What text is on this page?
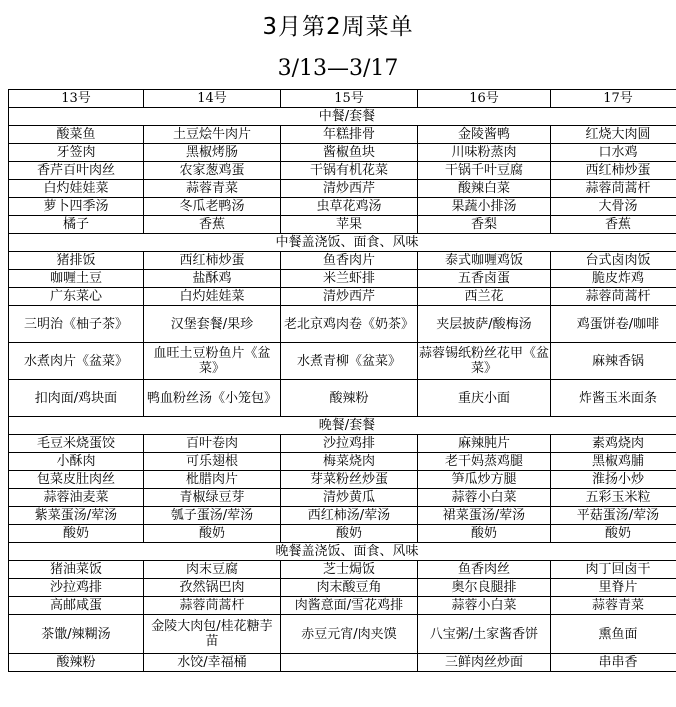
3月第2周菜单
3/13—3/17
13号	14号	15号	16号	17号
中餐/套餐				
酸菜鱼	土豆烩牛肉片	年糕排骨	金陵酱鸭	红烧大肉圆
牙签肉	黑椒烤肠	酱椒鱼块	川味粉蒸肉	口水鸡
香芹百叶肉丝	农家葱鸡蛋	干锅有机花菜	干锅千叶豆腐	西红柿炒蛋
白灼娃娃菜	蒜蓉青菜	清炒西芹	酸辣白菜	蒜蓉茼蒿杆
萝卜四季汤	冬瓜老鸭汤	虫草花鸡汤	果蔬小排汤	大骨汤
橘子	香蕉	苹果	香梨	香蕉
中餐盖浇饭、面食、风味				
猪排饭	西红柿炒蛋	鱼香肉片	泰式咖喱鸡饭	台式卤肉饭
咖喱土豆	盐酥鸡	米兰虾排	五香卤蛋	脆皮炸鸡
广东菜心	白灼娃娃菜	清炒西芹	西兰花	蒜蓉茼蒿杆
三明治《柚子茶》	汉堡套餐/果珍	老北京鸡肉卷《奶茶》	夹层披萨/酸梅汤	鸡蛋饼卷/咖啡
水煮肉片《盆菜》	血旺土豆粉鱼片《盆菜》	水煮青柳《盆菜》	蒜蓉锡纸粉丝花甲《盆菜》	麻辣香锅
扣肉面/鸡块面	鸭血粉丝汤《小笼包》	酸辣粉	重庆小面	炸酱玉米面条
晚餐/套餐				
毛豆米烧蛋饺	百叶卷肉	沙拉鸡排	麻辣肫片	素鸡烧肉
小酥肉	可乐翅根	梅菜烧肉	老干妈蒸鸡腿	黑椒鸡脯
包菜皮肚肉丝	枇腊肉片	芽菜粉丝炒蛋	笋瓜炒方腿	淮扬小炒
蒜蓉油麦菜	青椒绿豆芽	清炒黄瓜	蒜蓉小白菜	五彩玉米粒
紫菜蛋汤/荤汤	瓠子蛋汤/荤汤	西红柿汤/荤汤	裙菜蛋汤/荤汤	平菇蛋汤/荤汤
酸奶	酸奶	酸奶	酸奶	酸奶
晚餐盖浇饭、面食、风味				
猪油菜饭	肉末豆腐	芝士焗饭	鱼香肉丝	肉丁回卤干
沙拉鸡排	孜然锅巴肉	肉末酸豆角	奥尔良腿排	里脊片
高邮咸蛋	蒜蓉茼蒿杆	肉酱意面/雪花鸡排	蒜蓉小白菜	蒜蓉青菜
茶馓/辣糊汤	金陵大肉包/桂花糖芋苗	赤豆元宵/肉夹馍	八宝粥/土家酱香饼	熏鱼面
酸辣粉	水饺/幸福桶		三鲜肉丝炒面	串串香
